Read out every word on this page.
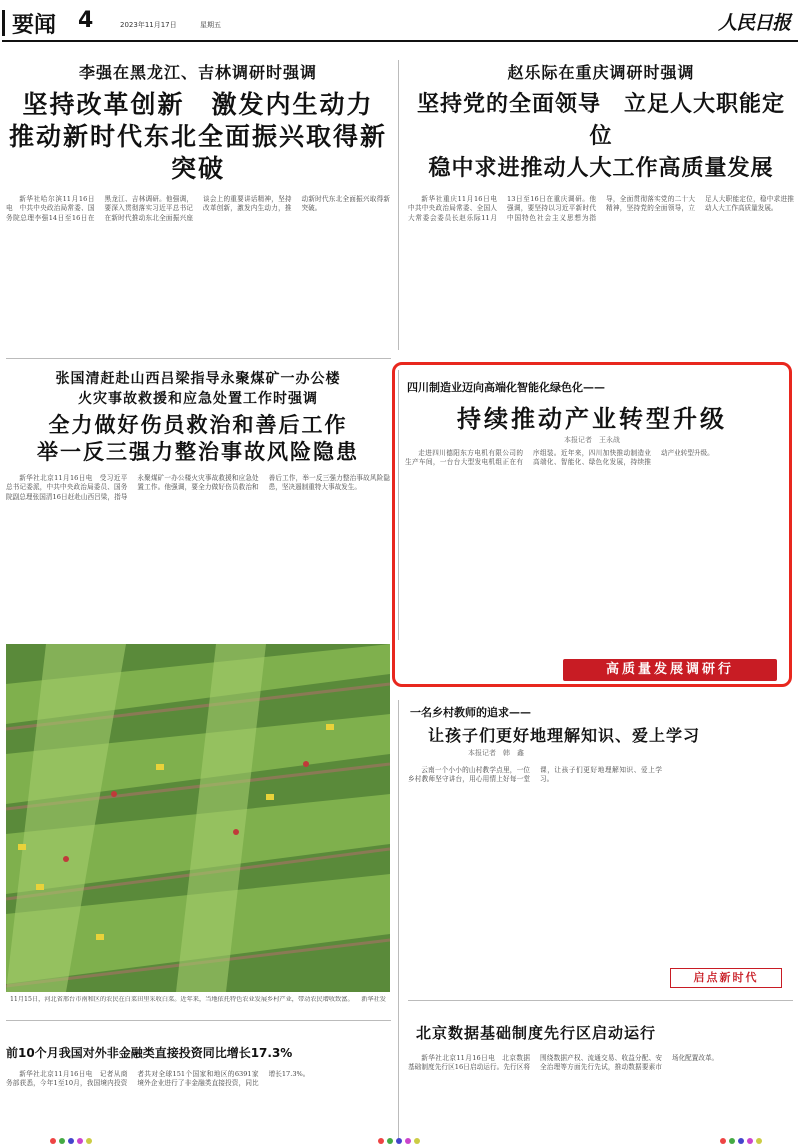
要闻 4	2023年11月17日	星期五	人民日报
李强在黑龙江、吉林调研时强调
坚持改革创新　激发内生动力
推动新时代东北全面振兴取得新突破

新华社哈尔滨11月16日电　中共中央政治局常委、国务院总理李强14日至16日在黑龙江、吉林调研。他强调，要深入贯彻落实习近平总书记在新时代推动东北全面振兴座谈会上的重要讲话精神，坚持改革创新，激发内生动力，推动新时代东北全面振兴取得新突破。

赵乐际在重庆调研时强调
坚持党的全面领导　立足人大职能定位
稳中求进推动人大工作高质量发展

新华社重庆11月16日电　中共中央政治局常委、全国人大常委会委员长赵乐际11月13日至16日在重庆调研。他强调，要坚持以习近平新时代中国特色社会主义思想为指导，全面贯彻落实党的二十大精神，坚持党的全面领导，立足人大职能定位，稳中求进推动人大工作高质量发展。

张国清赶赴山西吕梁指导永聚煤矿一办公楼
火灾事故救援和应急处置工作时强调
全力做好伤员救治和善后工作
举一反三强力整治事故风险隐患

新华社北京11月16日电　受习近平总书记委派，中共中央政治局委员、国务院副总理张国清16日赶赴山西吕梁，指导永聚煤矿一办公楼火灾事故救援和应急处置工作。他强调，要全力做好伤员救治和善后工作，举一反三强力整治事故风险隐患，坚决遏制重特大事故发生。

四川制造业迈向高端化智能化绿色化——
持续推动产业转型升级
本报记者　王永战

走进四川德阳东方电机有限公司的生产车间，一台台大型发电机组正在有序组装。近年来，四川加快推动制造业高端化、智能化、绿色化发展，持续推动产业转型升级。

高质量发展调研行
11月15日，河北省邢台市南和区的农民在白菜田里采收白菜。近年来，当地依托特色农业发展乡村产业，带动农民增收致富。 新华社发
一名乡村教师的追求——
让孩子们更好地理解知识、爱上学习
本报记者　韩　鑫

云南一个小小的山村教学点里，一位乡村教师坚守讲台，用心用情上好每一堂课，让孩子们更好地理解知识、爱上学习。

启点新时代
北京数据基础制度先行区启动运行

新华社北京11月16日电　北京数据基础制度先行区16日启动运行。先行区将围绕数据产权、流通交易、收益分配、安全治理等方面先行先试，推动数据要素市场化配置改革。

前10个月我国对外非金融类直接投资同比增长17.3%

新华社北京11月16日电　记者从商务部获悉，今年1至10月，我国境内投资者共对全球151个国家和地区的6391家境外企业进行了非金融类直接投资，同比增长17.3%。
